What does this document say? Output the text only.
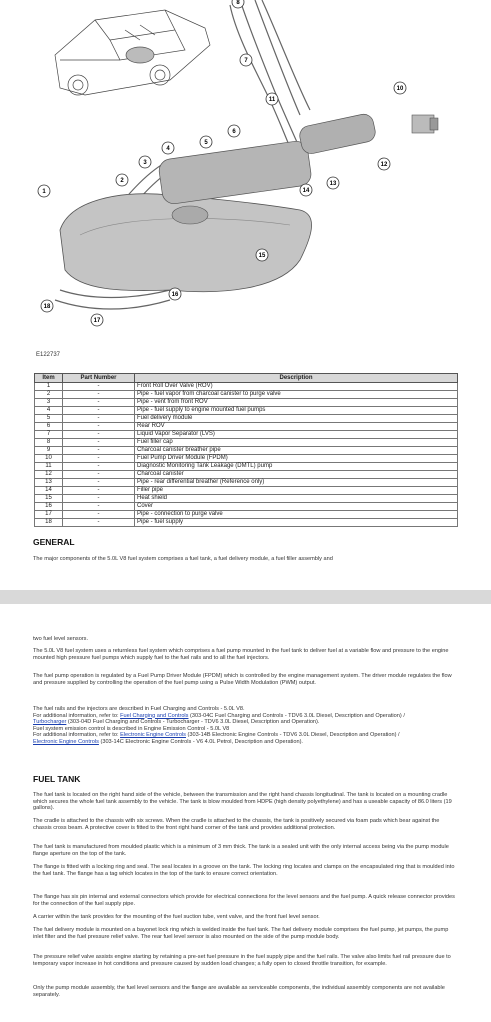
8
7
10
11
6
5
4
3
2
1
12
13
14
15
16
17
18
E122737
Item	Part Number	Description
1	-	Front Roll Over Valve (ROV)
2	-	Pipe - fuel vapor from charcoal canister to purge valve
3	-	Pipe - vent from front ROV
4	-	Pipe - fuel supply to engine mounted fuel pumps
5	-	Fuel delivery module
6	-	Rear ROV
7	-	Liquid Vapor Separator (LVS)
8	-	Fuel filler cap
9	-	Charcoal canister breather pipe
10	-	Fuel Pump Driver Module (FPDM)
11	-	Diagnostic Monitoring Tank Leakage (DMTL) pump
12	-	Charcoal canister
13	-	Pipe - rear differential breather (Reference only)
14	-	Filler pipe
15	-	Heat shield
16	-	Cover
17	-	Pipe - connection to purge valve
18	-	Pipe - fuel supply
GENERAL

The major components of the 5.0L V8 fuel system comprises a fuel tank, a fuel delivery module, a fuel filler assembly and

two fuel level sensors.

The 5.0L V8 fuel system uses a returnless fuel system which comprises a fuel pump mounted in the fuel tank to deliver fuel at a variable flow and pressure to the engine mounted high pressure fuel pumps which supply fuel to the fuel rails and to all the fuel injectors.

The fuel pump operation is regulated by a Fuel Pump Driver Module (FPDM) which is controlled by the engine management system. The driver module regulates the flow and pressure supplied by controlling the operation of the fuel pump using a Pulse Width Modulation (PWM) output.

The fuel rails and the injectors are described in Fuel Charging and Controls - 5.0L V8.
For additional information, refer to: Fuel Charging and Controls (303-04C Fuel Charging and Controls - TDV6 3.0L Diesel, Description and Operation) /
Turbocharger (303-04D Fuel Charging and Controls - Turbocharger - TDV6 3.0L Diesel, Description and Operation).
Fuel system emission control is described in Engine Emission Control - 5.0L V8
For additional information, refer to: Electronic Engine Controls (303-14B Electronic Engine Controls - TDV6 3.0L Diesel, Description and Operation) /
Electronic Engine Controls (303-14C Electronic Engine Controls - V6 4.0L Petrol, Description and Operation).
FUEL TANK

The fuel tank is located on the right hand side of the vehicle, between the transmission and the right hand chassis longitudinal. The tank is located on a mounting cradle which secures the whole fuel tank assembly to the vehicle. The tank is blow moulded from HDPE (high density polyethylene) and has a useable capacity of 86.0 liters (19 gallons).

The cradle is attached to the chassis with six screws. When the cradle is attached to the chassis, the tank is positively secured via foam pads which bear against the chassis cross beam. A protective cover is fitted to the front right hand corner of the tank and provides additional protection.

The fuel tank is manufactured from moulded plastic which is a minimum of 3 mm thick. The tank is a sealed unit with the only internal access being via the pump module flange aperture on the top of the tank.

The flange is fitted with a locking ring and seal. The seal locates in a groove on the tank. The locking ring locates and clamps on the encapsulated ring that is moulded into the fuel tank. The flange has a tag which locates in the top of the tank to ensure correct orientation.

The flange has six pin internal and external connectors which provide for electrical connections for the level sensors and the fuel pump. A quick release connector provides for the connection of the fuel supply pipe.

A carrier within the tank provides for the mounting of the fuel suction tube, vent valve, and the front fuel level sensor.

The fuel delivery module is mounted on a bayonet lock ring which is welded inside the fuel tank. The fuel delivery module comprises the fuel pump, jet pumps, the pump inlet filter and the fuel pressure relief valve. The rear fuel level sensor is also mounted on the side of the pump module body.

The pressure relief valve assists engine starting by retaining a pre-set fuel pressure in the fuel supply pipe and the fuel rails. The valve also limits fuel rail pressure due to temporary vapor increase in hot conditions and pressure caused by sudden load changes; a fully open to closed throttle transition, for example.

Only the pump module assembly, the fuel level sensors and the flange are available as serviceable components, the individual assembly components are not available separately.
